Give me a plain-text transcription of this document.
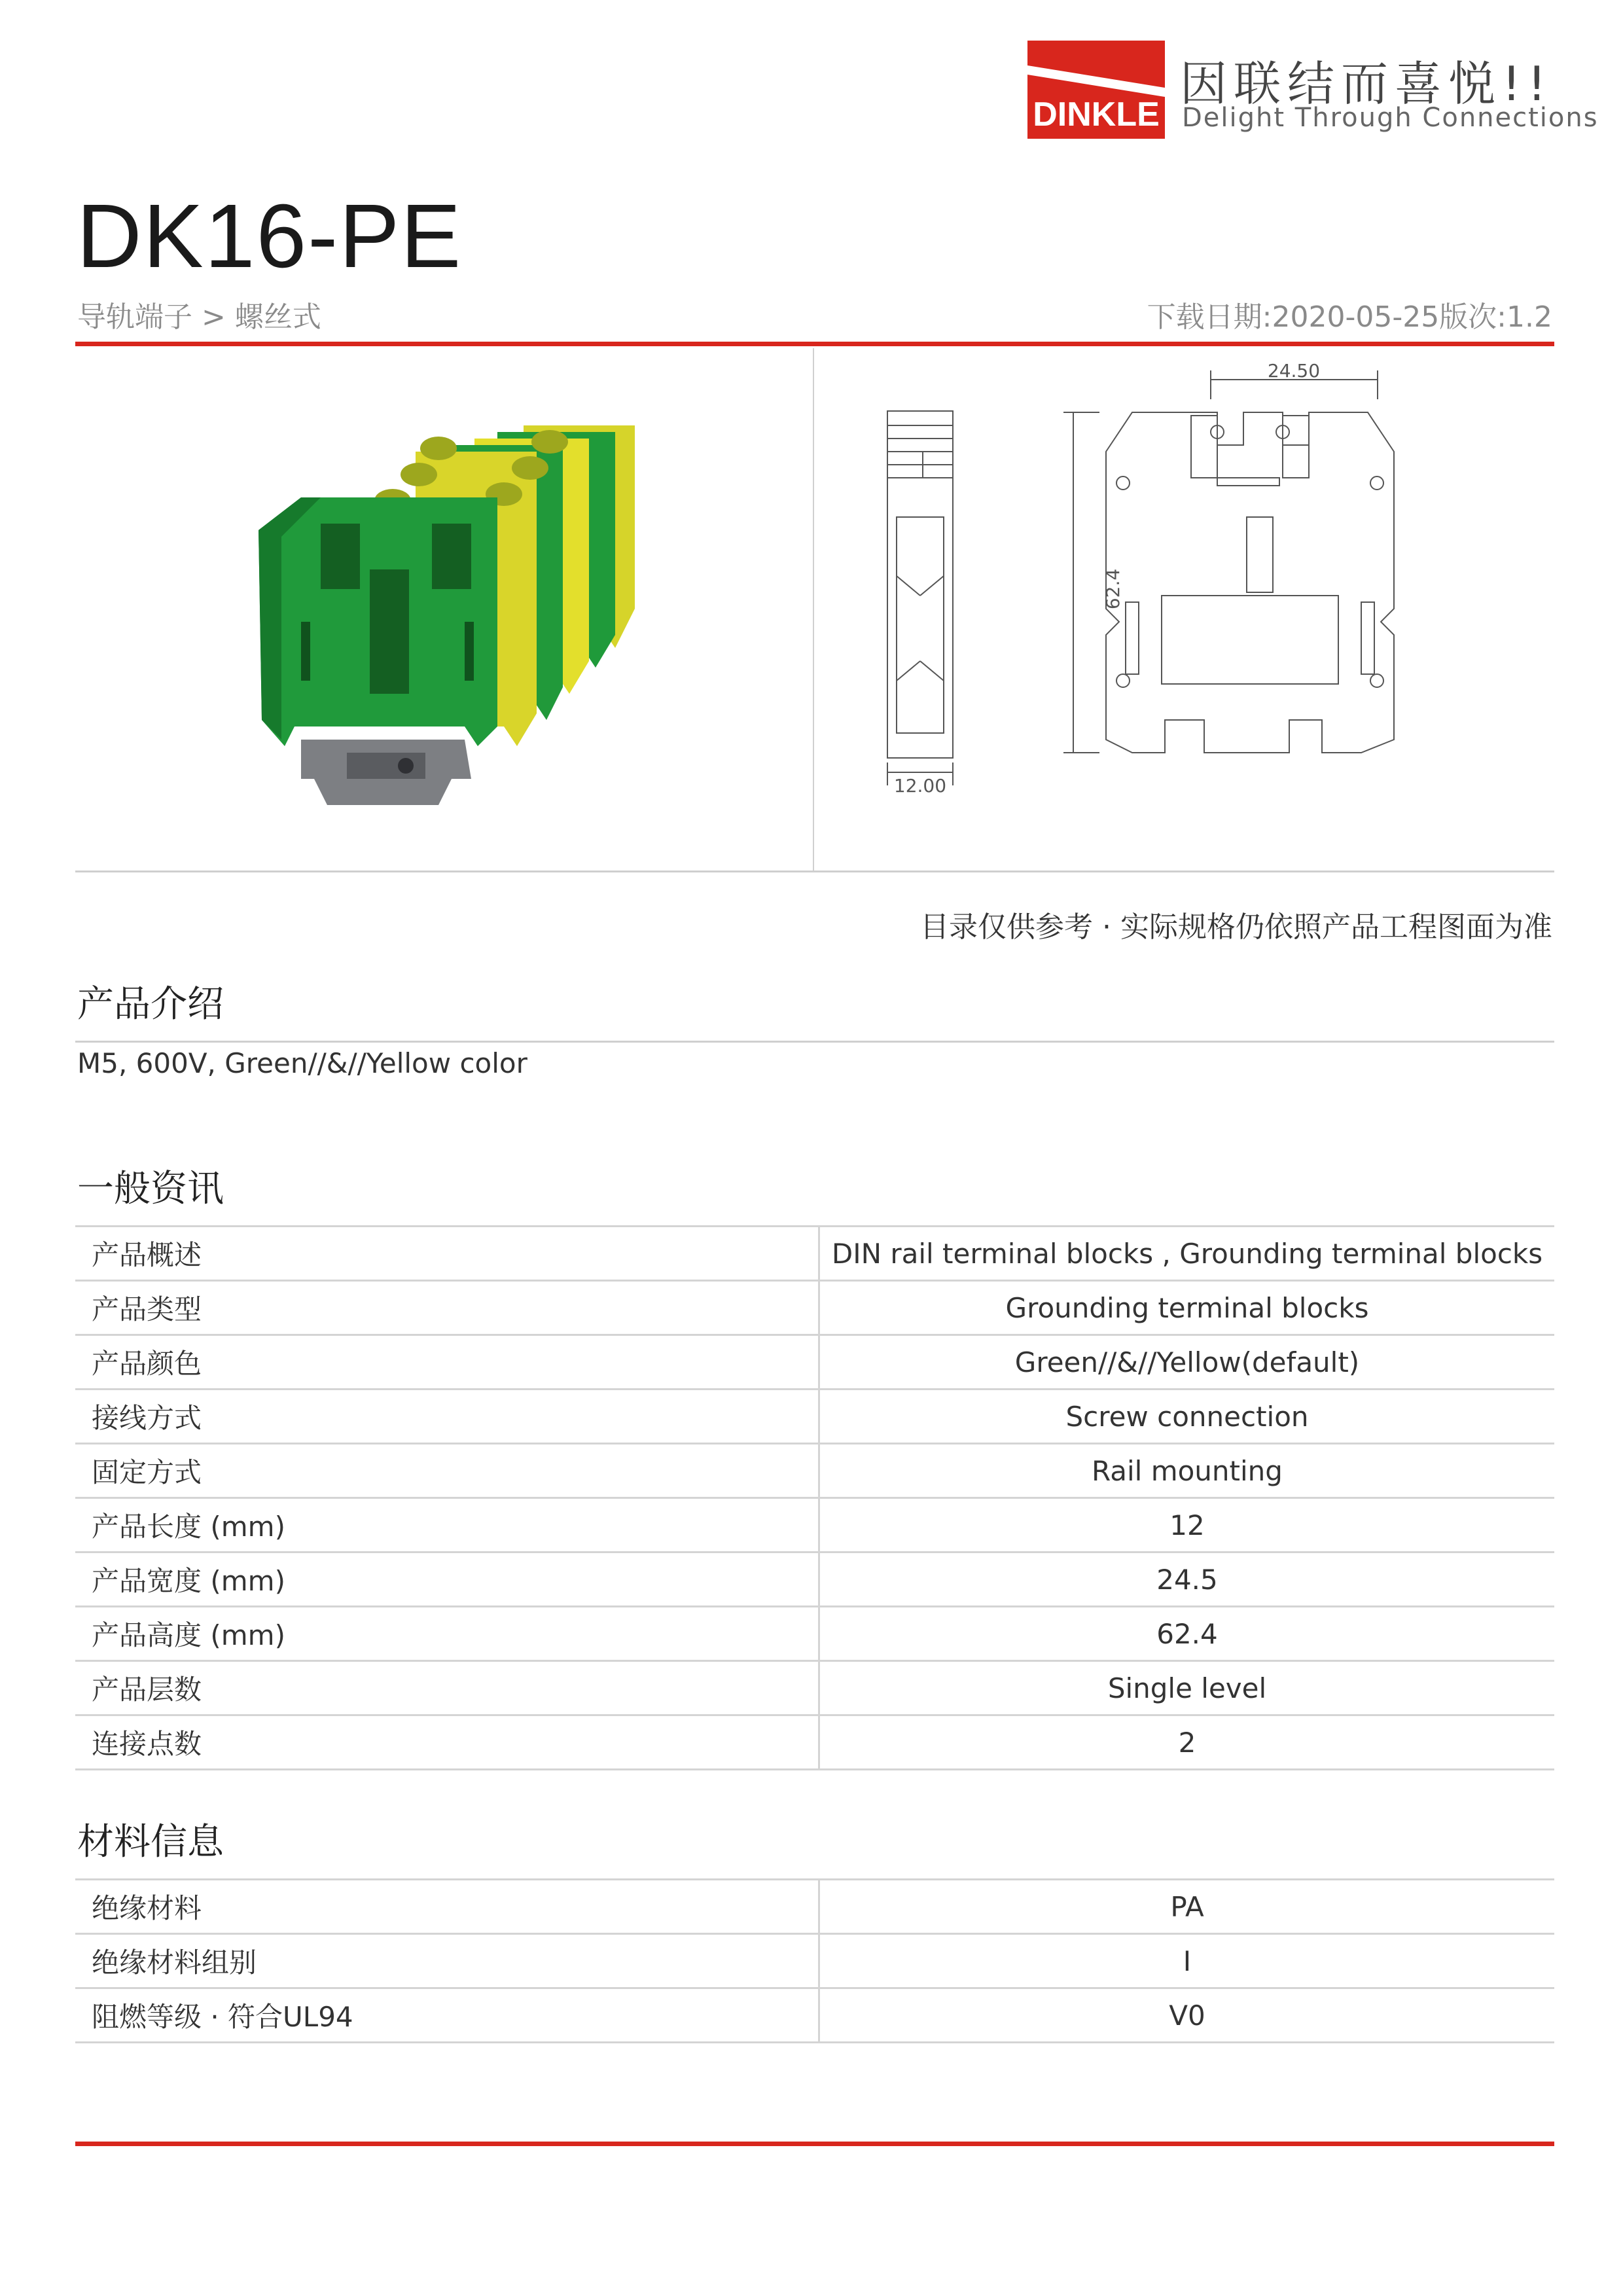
DINKLE
因联结而喜悦!!
Delight Through Connections
DK16-PE
导轨端子 > 螺丝式	下载日期:2020-05-25版次:1.2
12.00
24.50
62.4
目录仅供参考 · 实际规格仍依照产品工程图面为准
产品介绍
M5, 600V, Green//&//Yellow color
一般资讯
产品概述	DIN rail terminal blocks , Grounding terminal blocks
产品类型	Grounding terminal blocks
产品颜色	Green//&//Yellow(default)
接线方式	Screw connection
固定方式	Rail mounting
产品长度 (mm)	12
产品宽度 (mm)	24.5
产品高度 (mm)	62.4
产品层数	Single level
连接点数	2
材料信息
绝缘材料	PA
绝缘材料组别	I
阻燃等级 · 符合UL94	V0
